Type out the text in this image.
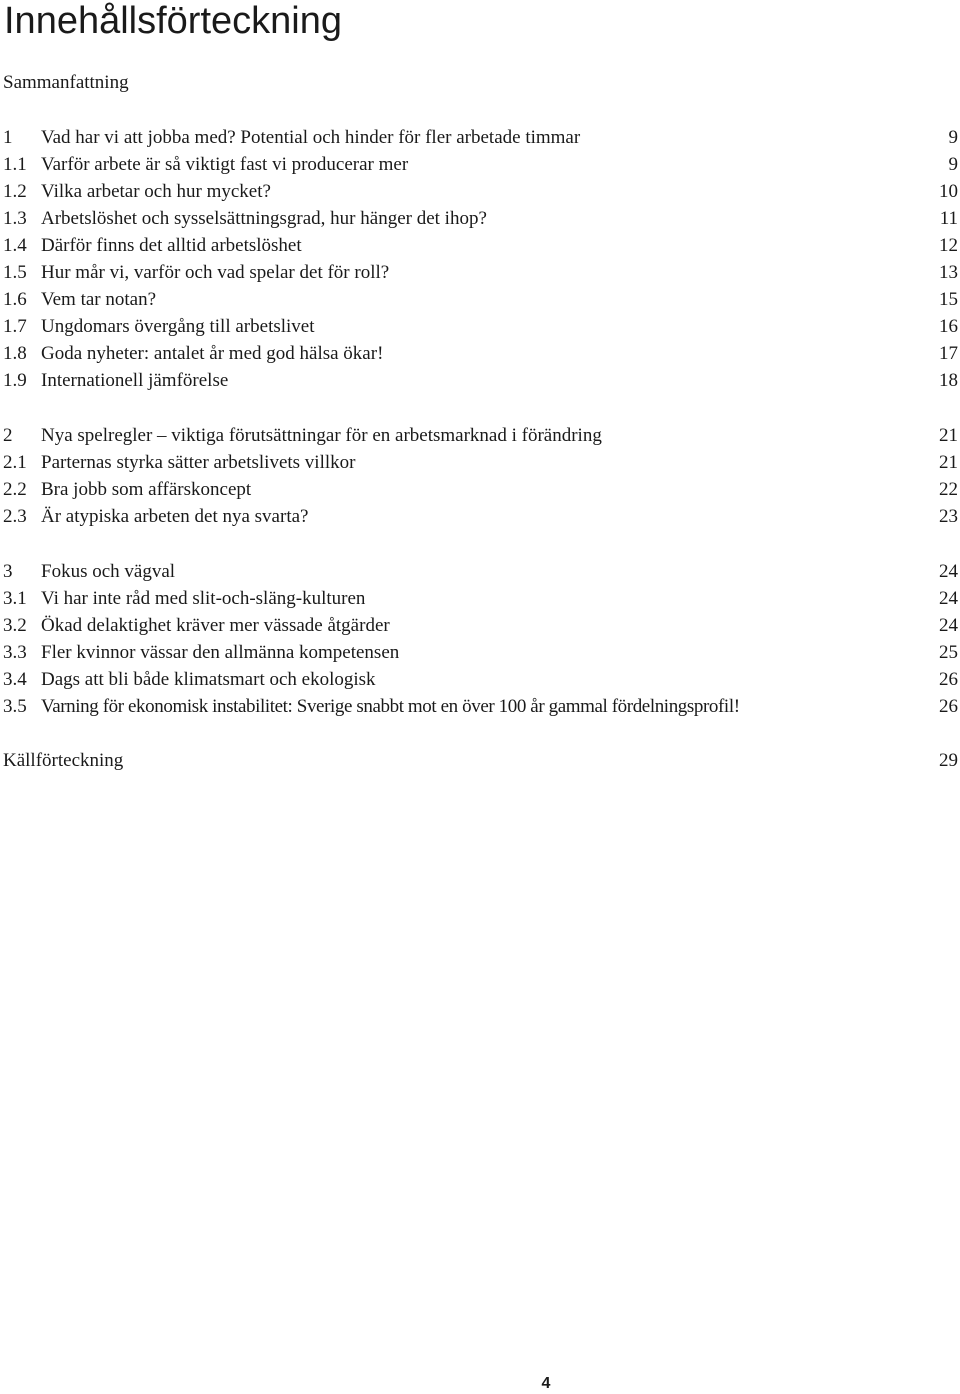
Innehållsförteckning
Sammanfattning
1 Vad har vi att jobba med? Potential och hinder för fler arbetade timmar	9
1.1 Varför arbete är så viktigt fast vi producerar mer	9
1.2 Vilka arbetar och hur mycket?	10
1.3 Arbetslöshet och sysselsättningsgrad, hur hänger det ihop?	11
1.4 Därför finns det alltid arbetslöshet	12
1.5 Hur mår vi, varför och vad spelar det för roll?	13
1.6 Vem tar notan?	15
1.7 Ungdomars övergång till arbetslivet	16
1.8 Goda nyheter: antalet år med god hälsa ökar!	17
1.9 Internationell jämförelse	18
2 Nya spelregler – viktiga förutsättningar för en arbetsmarknad i förändring	21
2.1 Parternas styrka sätter arbetslivets villkor	21
2.2 Bra jobb som affärskoncept	22
2.3 Är atypiska arbeten det nya svarta?	23
3 Fokus och vägval	24
3.1 Vi har inte råd med slit-och-släng-kulturen	24
3.2 Ökad delaktighet kräver mer vässade åtgärder	24
3.3 Fler kvinnor vässar den allmänna kompetensen	25
3.4 Dags att bli både klimatsmart och ekologisk	26
3.5 Varning för ekonomisk instabilitet: Sverige snabbt mot en över 100 år gammal fördelningsprofil!	26
Källförteckning	29
4
